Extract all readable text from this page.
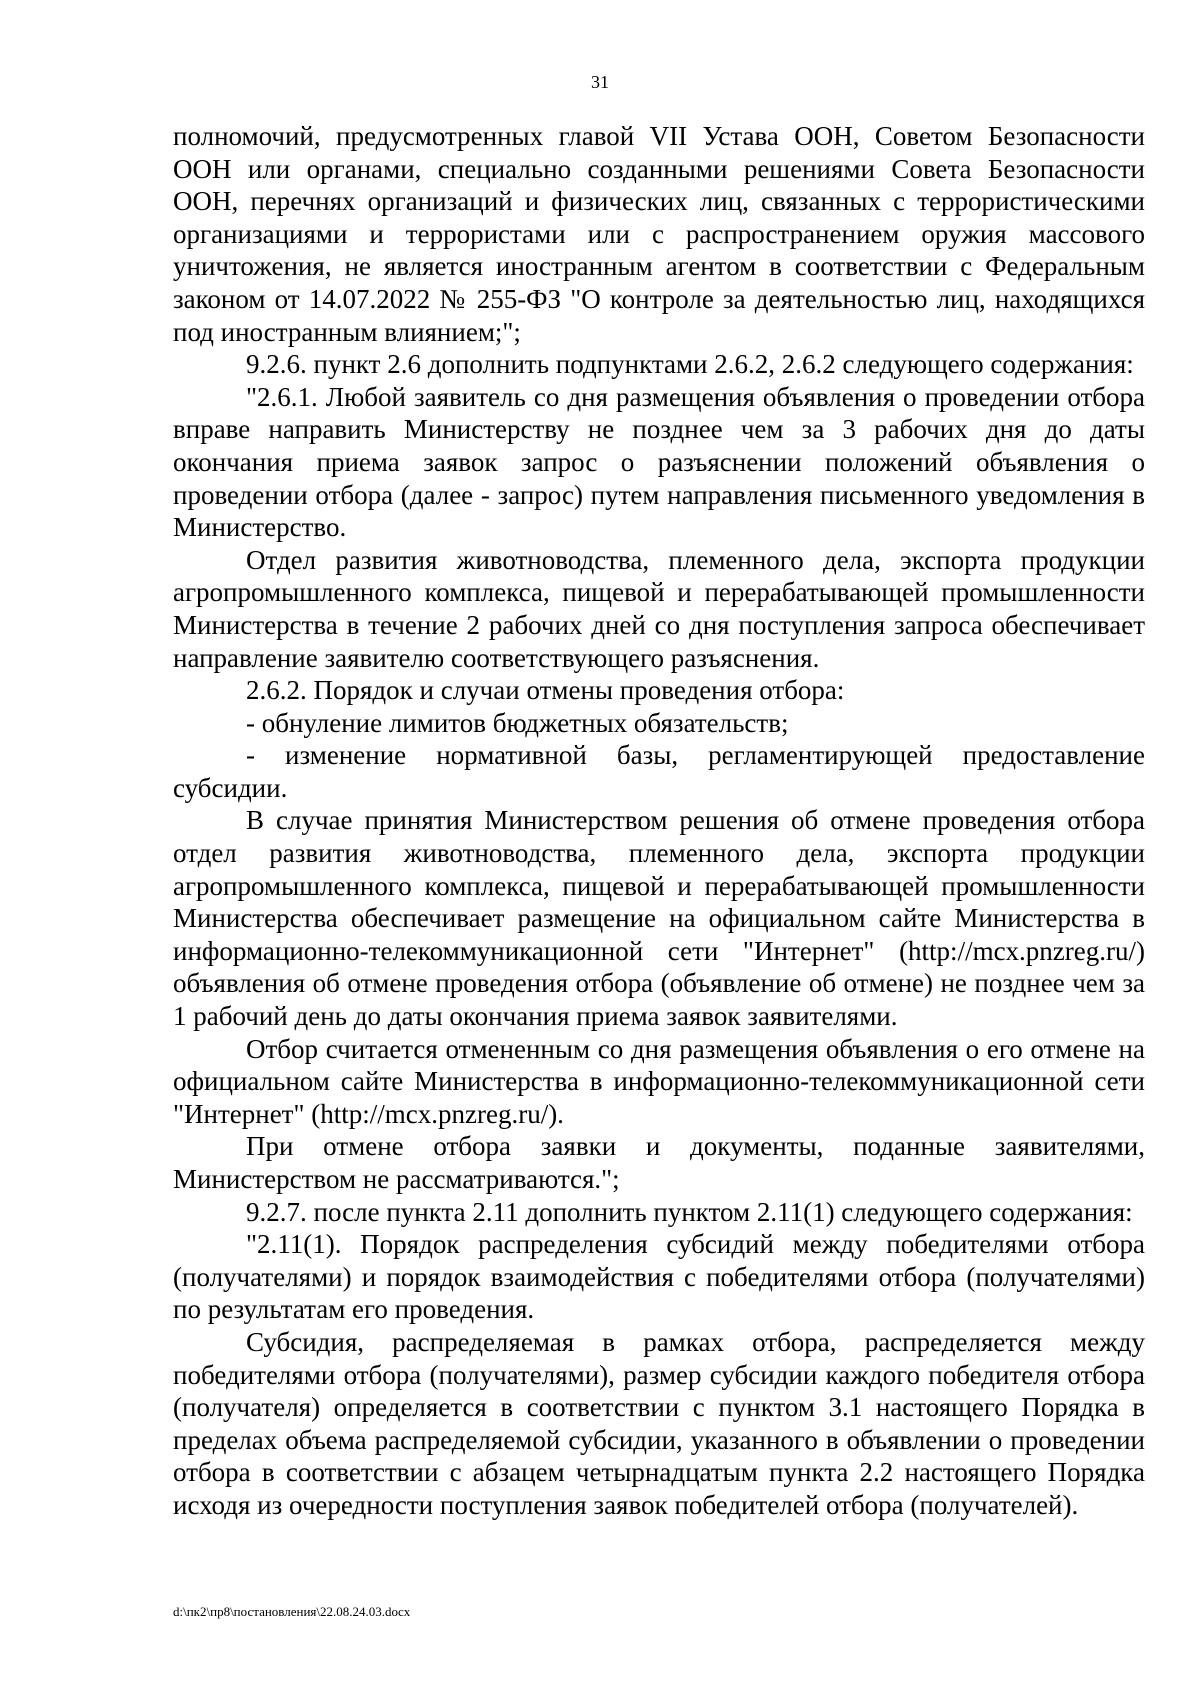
31

полномочий, предусмотренных главой VII Устава ООН, Советом Безопасности ООН или органами, специально созданными решениями Совета Безопасности ООН, перечнях организаций и физических лиц, связанных с террористическими организациями и террористами или с распространением оружия массового уничтожения, не является иностранным агентом в соответствии с Федеральным законом от 14.07.2022 № 255-ФЗ "О контроле за деятельностью лиц, находящихся под иностранным влиянием;";

9.2.6. пункт 2.6 дополнить подпунктами 2.6.2, 2.6.2 следующего содержания:

"2.6.1. Любой заявитель со дня размещения объявления о проведении отбора вправе направить Министерству не позднее чем за 3 рабочих дня до даты окончания приема заявок запрос о разъяснении положений объявления о проведении отбора (далее - запрос) путем направления письменного уведомления в Министерство.

Отдел развития животноводства, племенного дела, экспорта продукции агропромышленного комплекса, пищевой и перерабатывающей промышленности Министерства в течение 2 рабочих дней со дня поступления запроса обеспечивает направление заявителю соответствующего разъяснения.

2.6.2. Порядок и случаи отмены проведения отбора:

- обнуление лимитов бюджетных обязательств;

- изменение нормативной базы, регламентирующей предоставление субсидии.

В случае принятия Министерством решения об отмене проведения отбора отдел развития животноводства, племенного дела, экспорта продукции агропромышленного комплекса, пищевой и перерабатывающей промышленности Министерства обеспечивает размещение на официальном сайте Министерства в информационно-телекоммуникационной сети "Интернет" (http://mcx.pnzreg.ru/) объявления об отмене проведения отбора (объявление об отмене) не позднее чем за 1 рабочий день до даты окончания приема заявок заявителями.

Отбор считается отмененным со дня размещения объявления о его отмене на официальном сайте Министерства в информационно-телекоммуникационной сети "Интернет" (http://mcx.pnzreg.ru/).

При отмене отбора заявки и документы, поданные заявителями, Министерством не рассматриваются.";

9.2.7. после пункта 2.11 дополнить пунктом 2.11(1) следующего содержания:

"2.11(1). Порядок распределения субсидий между победителями отбора (получателями) и порядок взаимодействия с победителями отбора (получателями) по результатам его проведения.

Субсидия, распределяемая в рамках отбора, распределяется между победителями отбора (получателями), размер субсидии каждого победителя отбора (получателя) определяется в соответствии с пунктом 3.1 настоящего Порядка в пределах объема распределяемой субсидии, указанного в объявлении о проведении отбора в соответствии с абзацем четырнадцатым пункта 2.2 настоящего Порядка исходя из очередности поступления заявок победителей отбора (получателей).

d:\пк2\пр8\постановления\22.08.24.03.docx
